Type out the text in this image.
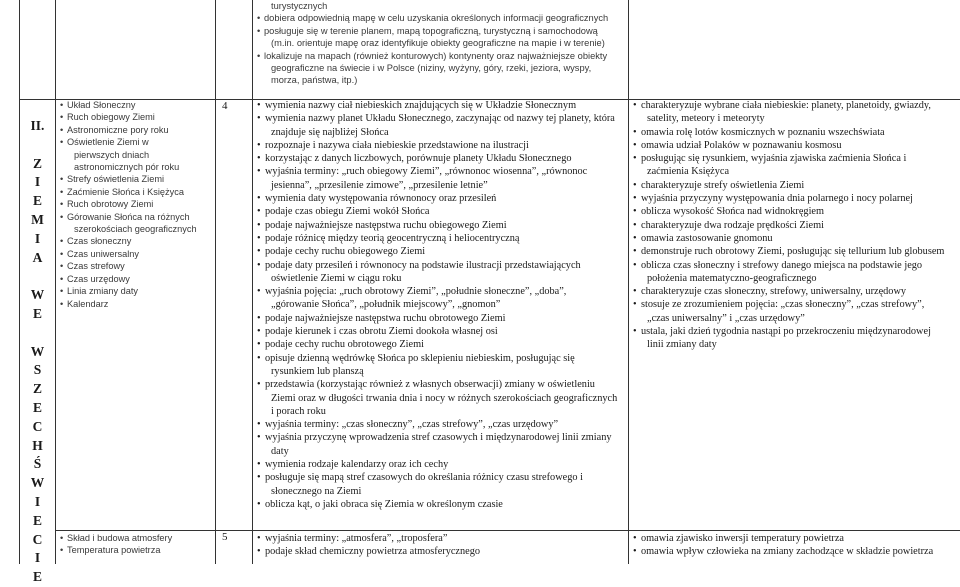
turystycznych
• dobiera odpowiednią mapę w celu uzyskania określonych informacji geograficznych
• posługuje się w terenie planem, mapą topograficzną, turystyczną i samochodową
(m.in. orientuje mapę oraz identyfikuje obiekty geograficzne na mapie i w terenie)
• lokalizuje na mapach (również konturowych) kontynenty oraz najważniejsze obiekty
geograficzne na świecie i w Polsce (niziny, wyżyny, góry, rzeki, jeziora, wyspy,
morza, państwa, itp.)
II.
Z
I
E
M
I
A
W
E
W
S
Z
E
C
H
Ś
W
I
E
C
I
E
• Układ Słoneczny
• Ruch obiegowy Ziemi
• Astronomiczne pory roku
• Oświetlenie Ziemi w
pierwszych dniach
astronomicznych pór roku
• Strefy oświetlenia Ziemi
• Zaćmienie Słońca i Księżyca
• Ruch obrotowy Ziemi
• Górowanie Słońca na różnych
szerokościach geograficznych
• Czas słoneczny
• Czas uniwersalny
• Czas strefowy
• Czas urzędowy
• Linia zmiany daty
• Kalendarz
4	• wymienia nazwy ciał niebieskich znajdujących się w Układzie Słonecznym
• wymienia nazwy planet Układu Słonecznego, zaczynając od nazwy tej planety, która
znajduje się najbliżej Słońca
• rozpoznaje i nazywa ciała niebieskie przedstawione na ilustracji
• korzystając z danych liczbowych, porównuje planety Układu Słonecznego
• wyjaśnia terminy: „ruch obiegowy Ziemi”, „równonoc wiosenna”, „równonoc
jesienna”, „przesilenie zimowe”, „przesilenie letnie”
• wymienia daty występowania równonocy oraz przesileń
• podaje czas obiegu Ziemi wokół Słońca
• podaje najważniejsze następstwa ruchu obiegowego Ziemi
• podaje różnicę między teorią geocentryczną i heliocentryczną
• podaje cechy ruchu obiegowego Ziemi
• podaje daty przesileń i równonocy na podstawie ilustracji przedstawiających
oświetlenie Ziemi w ciągu roku
• wyjaśnia pojęcia: „ruch obrotowy Ziemi”, „południe słoneczne”, „doba”,
„górowanie Słońca”, „południk miejscowy”, „gnomon”
• podaje najważniejsze następstwa ruchu obrotowego Ziemi
• podaje kierunek i czas obrotu Ziemi dookoła własnej osi
• podaje cechy ruchu obrotowego Ziemi
• opisuje dzienną wędrówkę Słońca po sklepieniu niebieskim, posługując się
rysunkiem lub planszą
• przedstawia (korzystając również z własnych obserwacji) zmiany w oświetleniu
Ziemi oraz w długości trwania dnia i nocy w różnych szerokościach geograficznych
i porach roku
• wyjaśnia terminy: „czas słoneczny”, „czas strefowy”, „czas urzędowy”
• wyjaśnia przyczynę wprowadzenia stref czasowych i międzynarodowej linii zmiany
daty
• wymienia rodzaje kalendarzy oraz ich cechy
• posługuje się mapą stref czasowych do określania różnicy czasu strefowego i
słonecznego na Ziemi
• oblicza kąt, o jaki obraca się Ziemia w określonym czasie
• charakteryzuje wybrane ciała niebieskie: planety, planetoidy, gwiazdy,
satelity, meteory i meteoryty
• omawia rolę lotów kosmicznych w poznaniu wszechświata
• omawia udział Polaków w poznawaniu kosmosu
• posługując się rysunkiem, wyjaśnia zjawiska zaćmienia Słońca i
zaćmienia Księżyca
• charakteryzuje strefy oświetlenia Ziemi
• wyjaśnia przyczyny występowania dnia polarnego i nocy polarnej
• oblicza wysokość Słońca nad widnokręgiem
• charakteryzuje dwa rodzaje prędkości Ziemi
• omawia zastosowanie gnomonu
• demonstruje ruch obrotowy Ziemi, posługując się tellurium lub globusem
• oblicza czas słoneczny i strefowy danego miejsca na podstawie jego
położenia matematyczno-geograficznego
• charakteryzuje czas słoneczny, strefowy, uniwersalny, urzędowy
• stosuje ze zrozumieniem pojęcia: „czas słoneczny”, „czas strefowy”,
„czas uniwersalny” i „czas urzędowy”
• ustala, jaki dzień tygodnia nastąpi po przekroczeniu międzynarodowej
linii zmiany daty
• Skład i budowa atmosfery
• Temperatura powietrza
5	• wyjaśnia terminy: „atmosfera”, „troposfera”
• podaje skład chemiczny powietrza atmosferycznego
• omawia zjawisko inwersji temperatury powietrza
• omawia wpływ człowieka na zmiany zachodzące w składzie powietrza
